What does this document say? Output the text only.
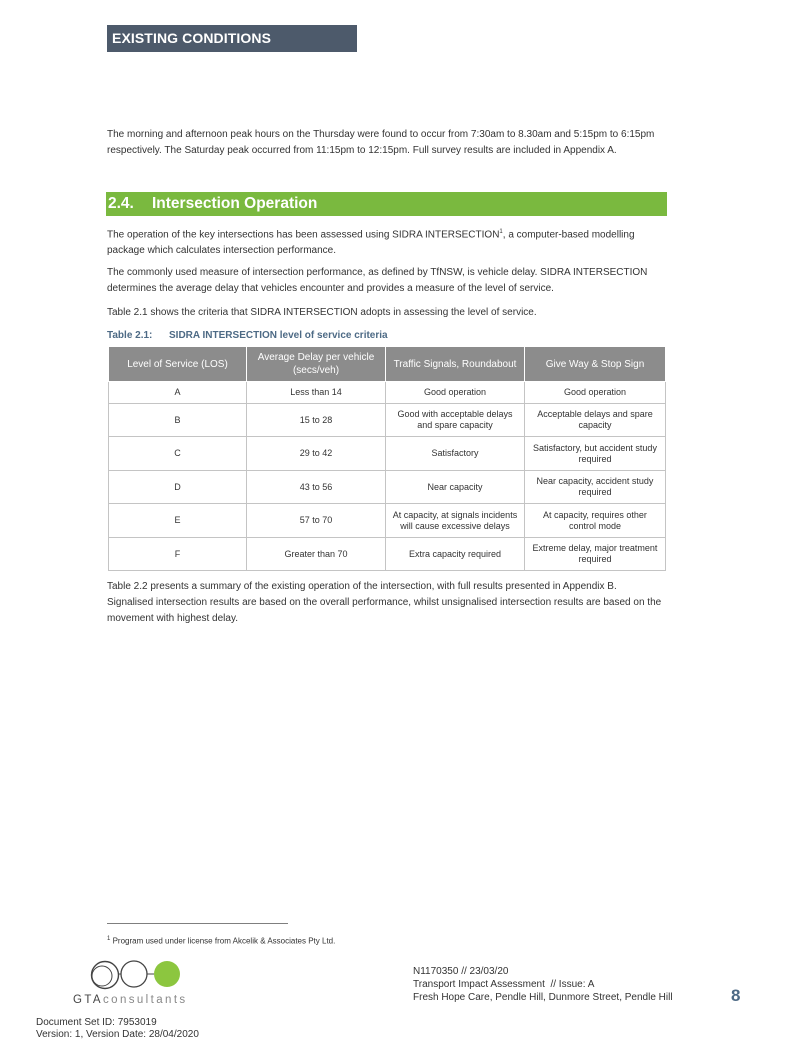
EXISTING CONDITIONS

The morning and afternoon peak hours on the Thursday were found to occur from 7:30am to 8.30am and 5:15pm to 6:15pm respectively. The Saturday peak occurred from 11:15pm to 12:15pm. Full survey results are included in Appendix A.

2.4. Intersection Operation

The operation of the key intersections has been assessed using SIDRA INTERSECTION$^1$, a computer-based modelling package which calculates intersection performance.

The commonly used measure of intersection performance, as defined by TfNSW, is vehicle delay. SIDRA INTERSECTION determines the average delay that vehicles encounter and provides a measure of the level of service.

Table 2.1 shows the criteria that SIDRA INTERSECTION adopts in assessing the level of service.

Table 2.1: SIDRA INTERSECTION level of service criteria
Level of Service (LOS)	Average Delay per vehicle (secs/veh)	Traffic Signals, Roundabout	Give Way & Stop Sign
A	Less than 14	Good operation	Good operation
B	15 to 28	Good with acceptable delays and spare capacity	Acceptable delays and spare capacity
C	29 to 42	Satisfactory	Satisfactory, but accident study required
D	43 to 56	Near capacity	Near capacity, accident study required
E	57 to 70	At capacity, at signals incidents will cause excessive delays	At capacity, requires other control mode
F	Greater than 70	Extra capacity required	Extreme delay, major treatment required

Table 2.2 presents a summary of the existing operation of the intersection, with full results presented in Appendix B. Signalised intersection results are based on the overall performance, whilst unsignalised intersection results are based on the movement with highest delay.

$^1$ Program used under license from Akcelik & Associates Pty Ltd.
GTAconsultants
N1170350 // 23/03/20
Transport Impact Assessment  // Issue: A
Fresh Hope Care, Pendle Hill, Dunmore Street, Pendle Hill	8
Document Set ID: 7953019
Version: 1, Version Date: 28/04/2020
